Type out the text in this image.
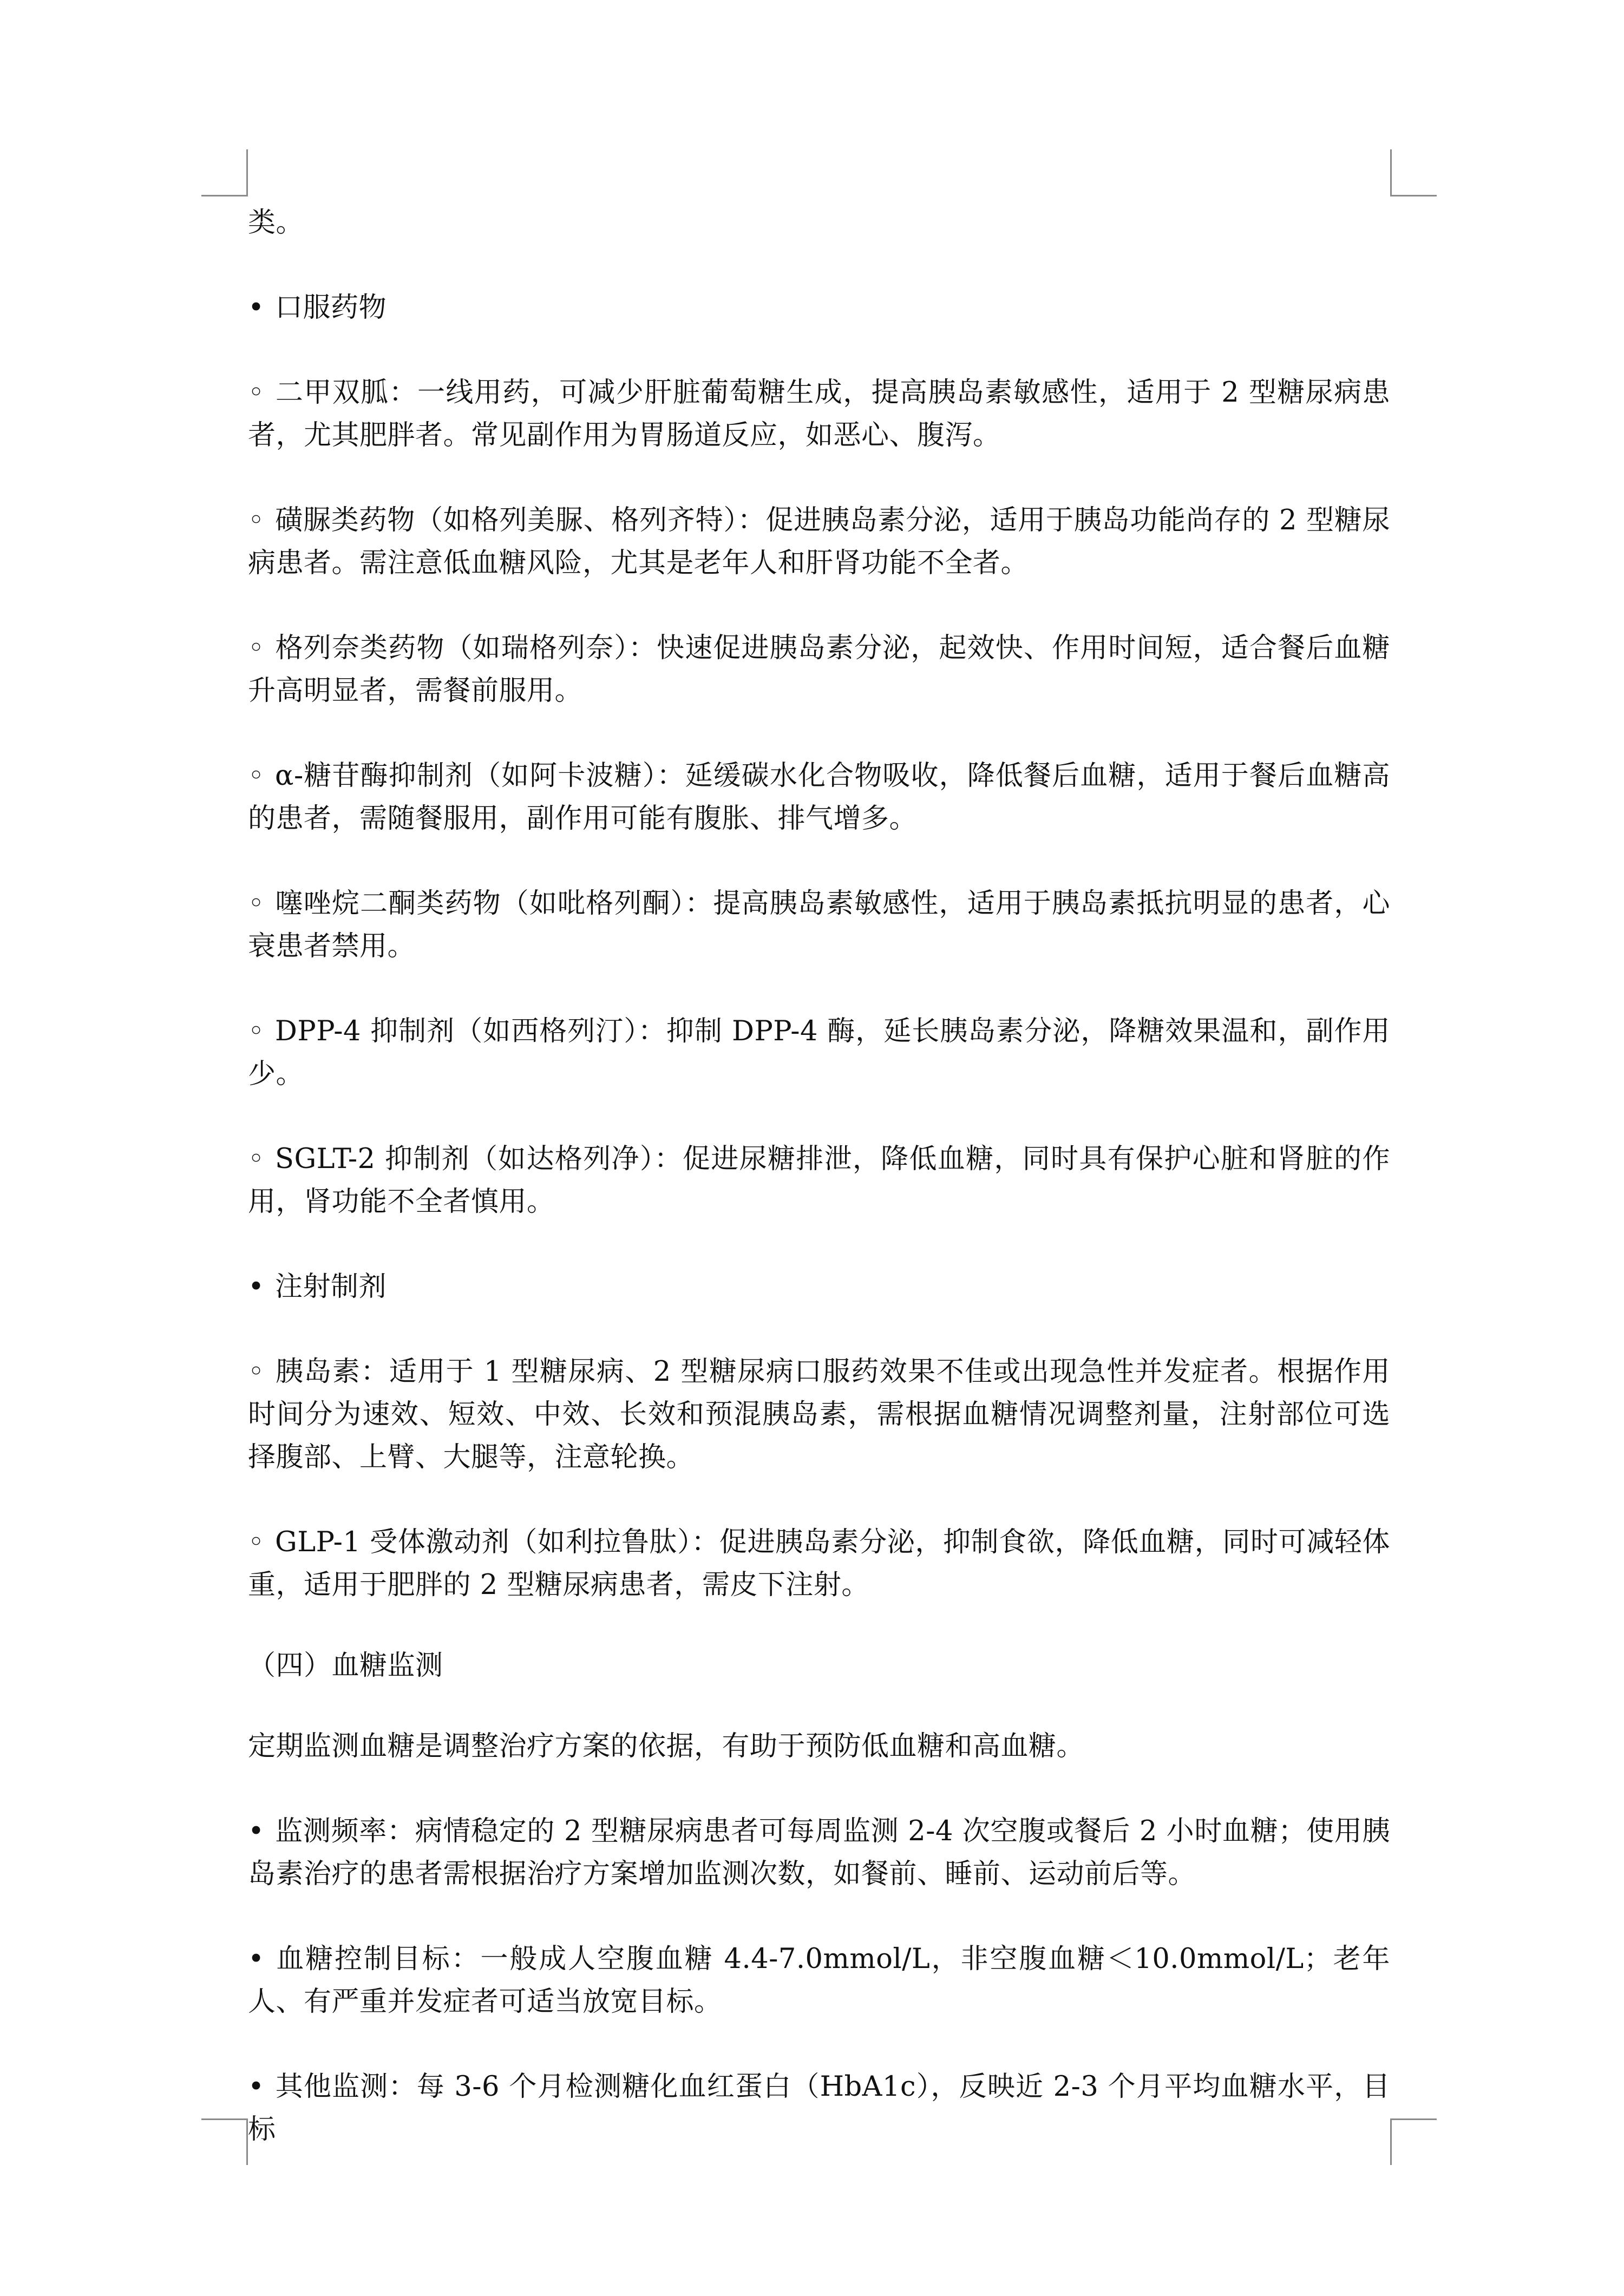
类。

• 口服药物

◦ 二甲双胍：一线用药，可减少肝脏葡萄糖生成，提高胰岛素敏感性，适用于 2 型糖尿病患者，尤其肥胖者。常见副作用为胃肠道反应，如恶心、腹泻。

◦ 磺脲类药物（如格列美脲、格列齐特）：促进胰岛素分泌，适用于胰岛功能尚存的 2 型糖尿病患者。需注意低血糖风险，尤其是老年人和肝肾功能不全者。

◦ 格列奈类药物（如瑞格列奈）：快速促进胰岛素分泌，起效快、作用时间短，适合餐后血糖升高明显者，需餐前服用。

◦ α-糖苷酶抑制剂（如阿卡波糖）：延缓碳水化合物吸收，降低餐后血糖，适用于餐后血糖高的患者，需随餐服用，副作用可能有腹胀、排气增多。

◦ 噻唑烷二酮类药物（如吡格列酮）：提高胰岛素敏感性，适用于胰岛素抵抗明显的患者，心衰患者禁用。

◦ DPP-4 抑制剂（如西格列汀）：抑制 DPP-4 酶，延长胰岛素分泌，降糖效果温和，副作用少。

◦ SGLT-2 抑制剂（如达格列净）：促进尿糖排泄，降低血糖，同时具有保护心脏和肾脏的作用，肾功能不全者慎用。

• 注射制剂

◦ 胰岛素：适用于 1 型糖尿病、2 型糖尿病口服药效果不佳或出现急性并发症者。根据作用时间分为速效、短效、中效、长效和预混胰岛素，需根据血糖情况调整剂量，注射部位可选择腹部、上臂、大腿等，注意轮换。

◦ GLP-1 受体激动剂（如利拉鲁肽）：促进胰岛素分泌，抑制食欲，降低血糖，同时可减轻体重，适用于肥胖的 2 型糖尿病患者，需皮下注射。

（四）血糖监测

定期监测血糖是调整治疗方案的依据，有助于预防低血糖和高血糖。

• 监测频率：病情稳定的 2 型糖尿病患者可每周监测 2-4 次空腹或餐后 2 小时血糖；使用胰岛素治疗的患者需根据治疗方案增加监测次数，如餐前、睡前、运动前后等。

• 血糖控制目标：一般成人空腹血糖 4.4-7.0mmol/L，非空腹血糖＜10.0mmol/L；老年人、有严重并发症者可适当放宽目标。

• 其他监测：每 3-6 个月检测糖化血红蛋白（HbA1c），反映近 2-3 个月平均血糖水平，目标
